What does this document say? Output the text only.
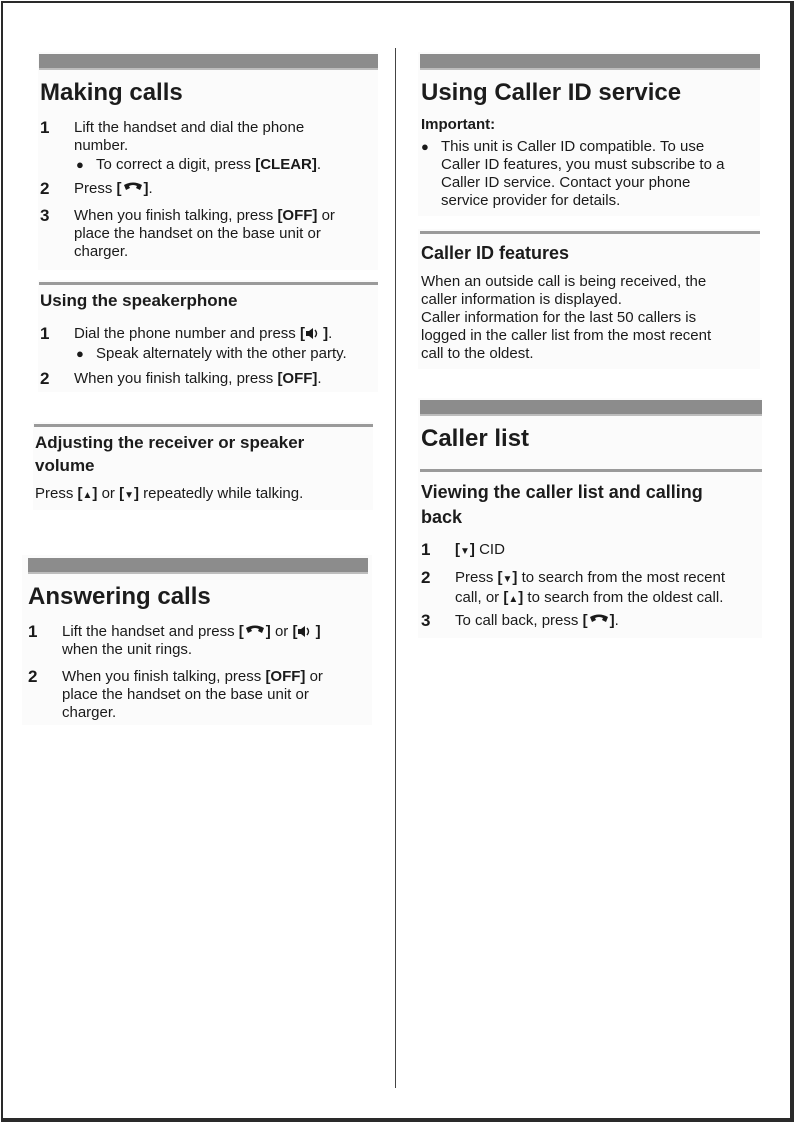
Making calls
1 Lift the handset and dial the phone
number.
● To correct a digit, press [CLEAR].
2 Press [ ].
3 When you finish talking, press [OFF] or
place the handset on the base unit or
charger.
Using the speakerphone
1 Dial the phone number and press [ ].
● Speak alternately with the other party.
2 When you finish talking, press [OFF].
Adjusting the receiver or speaker
volume
Press [▲] or [▼] repeatedly while talking.
Answering calls
1 Lift the handset and press [ ] or [ ]
when the unit rings.
2 When you finish talking, press [OFF] or
place the handset on the base unit or
charger.
Using Caller ID service
Important:
● This unit is Caller ID compatible. To use
Caller ID features, you must subscribe to a
Caller ID service. Contact your phone
service provider for details.
Caller ID features
When an outside call is being received, the
caller information is displayed.
Caller information for the last 50 callers is
logged in the caller list from the most recent
call to the oldest.
Caller list
Viewing the caller list and calling
back
1 [▼] CID
2 Press [▼] to search from the most recent
call, or [▲] to search from the oldest call.
3 To call back, press [ ].
